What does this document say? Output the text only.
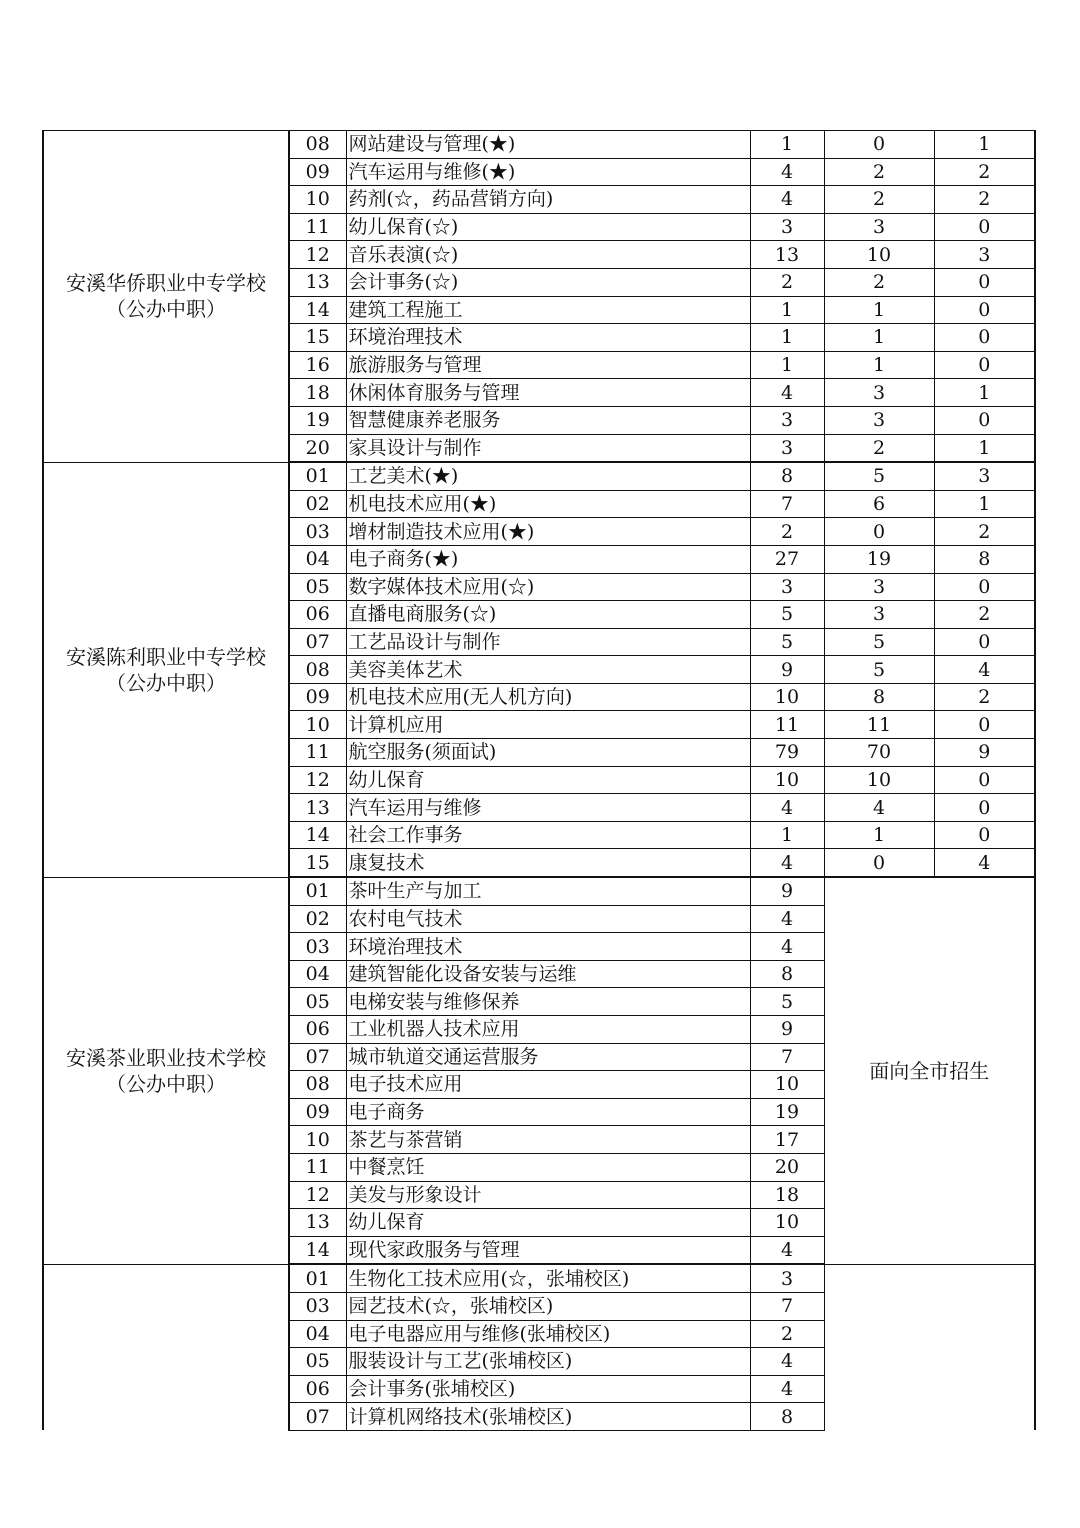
安溪华侨职业中专学校
（公办中职）	08	网站建设与管理(★)	1	0	1
	09	汽车运用与维修(★)	4	2	2
	10	药剂(☆，药品营销方向)	4	2	2
	11	幼儿保育(☆)	3	3	0
	12	音乐表演(☆)	13	10	3
	13	会计事务(☆)	2	2	0
	14	建筑工程施工	1	1	0
	15	环境治理技术	1	1	0
	16	旅游服务与管理	1	1	0
	18	休闲体育服务与管理	4	3	1
	19	智慧健康养老服务	3	3	0
	20	家具设计与制作	3	2	1

安溪陈利职业中专学校
（公办中职）	01	工艺美术(★)	8	5	3
	02	机电技术应用(★)	7	6	1
	03	增材制造技术应用(★)	2	0	2
	04	电子商务(★)	27	19	8
	05	数字媒体技术应用(☆)	3	3	0
	06	直播电商服务(☆)	5	3	2
	07	工艺品设计与制作	5	5	0
	08	美容美体艺术	9	5	4
	09	机电技术应用(无人机方向)	10	8	2
	10	计算机应用	11	11	0
	11	航空服务(须面试)	79	70	9
	12	幼儿保育	10	10	0
	13	汽车运用与维修	4	4	0
	14	社会工作事务	1	1	0
	15	康复技术	4	0	4

安溪茶业职业技术学校
（公办中职）	01	茶叶生产与加工	9	面向全市招生	
	02	农村电气技术	4		
	03	环境治理技术	4		
	04	建筑智能化设备安装与运维	8		
	05	电梯安装与维修保养	5		
	06	工业机器人技术应用	9		
	07	城市轨道交通运营服务	7		
	08	电子技术应用	10		
	09	电子商务	19		
	10	茶艺与茶营销	17		
	11	中餐烹饪	20		
	12	美发与形象设计	18		
	13	幼儿保育	10		
	14	现代家政服务与管理	4		

	01	生物化工技术应用(☆，张埔校区)	3		
	03	园艺技术(☆，张埔校区)	7		
	04	电子电器应用与维修(张埔校区)	2		
	05	服装设计与工艺(张埔校区)	4		
	06	会计事务(张埔校区)	4		
	07	计算机网络技术(张埔校区)	8		
